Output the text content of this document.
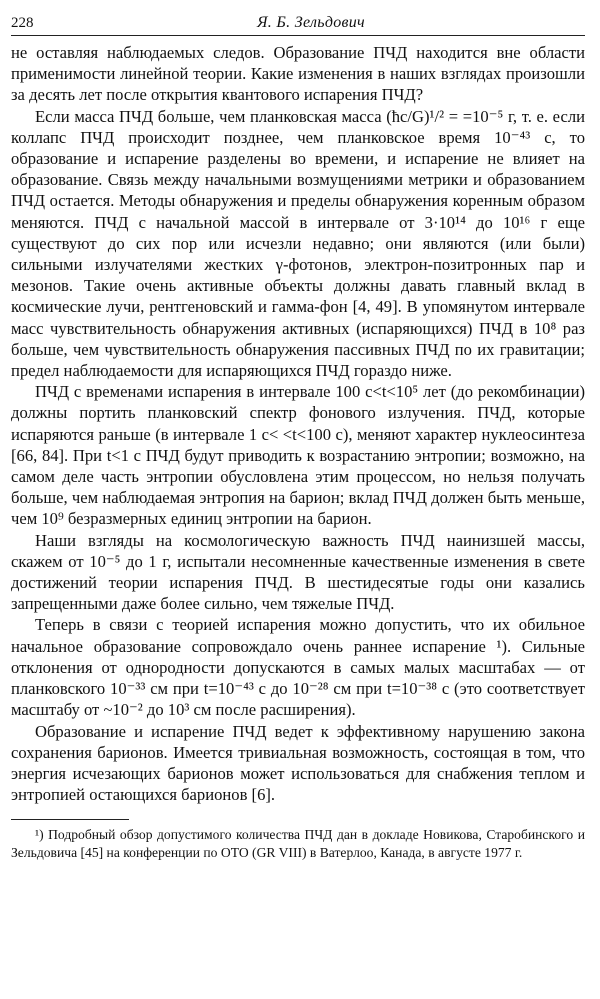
228	Я. Б. Зельдович

не оставляя наблюдаемых следов. Образование ПЧД находится вне области применимости линейной теории. Какие изменения в наших взглядах произошли за десять лет после открытия квантового испарения ПЧД?

Если масса ПЧД больше, чем планковская масса (ħc/G)¹/² = =10⁻⁵ г, т. е. если коллапс ПЧД происходит позднее, чем планковское время 10⁻⁴³ с, то образование и испарение разделены во времени, и испарение не влияет на образование. Связь между начальными возмущениями метрики и образованием ПЧД остается. Методы обнаружения и пределы обнаружения коренным образом меняются. ПЧД с начальной массой в интервале от 3·10¹⁴ до 10¹⁶ г еще существуют до сих пор или исчезли недавно; они являются (или были) сильными излучателями жестких γ-фотонов, электрон-позитронных пар и мезонов. Такие очень активные объекты должны давать главный вклад в космические лучи, рентгеновский и гамма-фон [4, 49]. В упомянутом интервале масс чувствительность обнаружения активных (испаряющихся) ПЧД в 10⁸ раз больше, чем чувствительность обнаружения пассивных ПЧД по их гравитации; предел наблюдаемости для испаряющихся ПЧД гораздо ниже.

ПЧД с временами испарения в интервале 100 с<t<10⁵ лет (до рекомбинации) должны портить планковский спектр фонового излучения. ПЧД, которые испаряются раньше (в интервале 1 с< <t<100 с), меняют характер нуклеосинтеза [66, 84]. При t<1 с ПЧД будут приводить к возрастанию энтропии; возможно, на самом деле часть энтропии обусловлена этим процессом, но нельзя получать больше, чем наблюдаемая энтропия на барион; вклад ПЧД должен быть меньше, чем 10⁹ безразмерных единиц энтропии на барион.

Наши взгляды на космологическую важность ПЧД наинизшей массы, скажем от 10⁻⁵ до 1 г, испытали несомненные качественные изменения в свете достижений теории испарения ПЧД. В шестидесятые годы они казались запрещенными даже более сильно, чем тяжелые ПЧД.

Теперь в связи с теорией испарения можно допустить, что их обильное начальное образование сопровождало очень раннее испарение ¹). Сильные отклонения от однородности допускаются в самых малых масштабах — от планковского 10⁻³³ см при t=10⁻⁴³ с до 10⁻²⁸ см при t=10⁻³⁸ с (это соответствует масштабу от ~10⁻² до 10³ см после расширения).

Образование и испарение ПЧД ведет к эффективному нарушению закона сохранения барионов. Имеется тривиальная возможность, состоящая в том, что энергия исчезающих барионов может использоваться для снабжения теплом и энтропией остающихся барионов [6].

¹) Подробный обзор допустимого количества ПЧД дан в докладе Новикова, Старобинского и Зельдовича [45] на конференции по ОТО (GR VIII) в Ватерлоо, Канада, в августе 1977 г.
